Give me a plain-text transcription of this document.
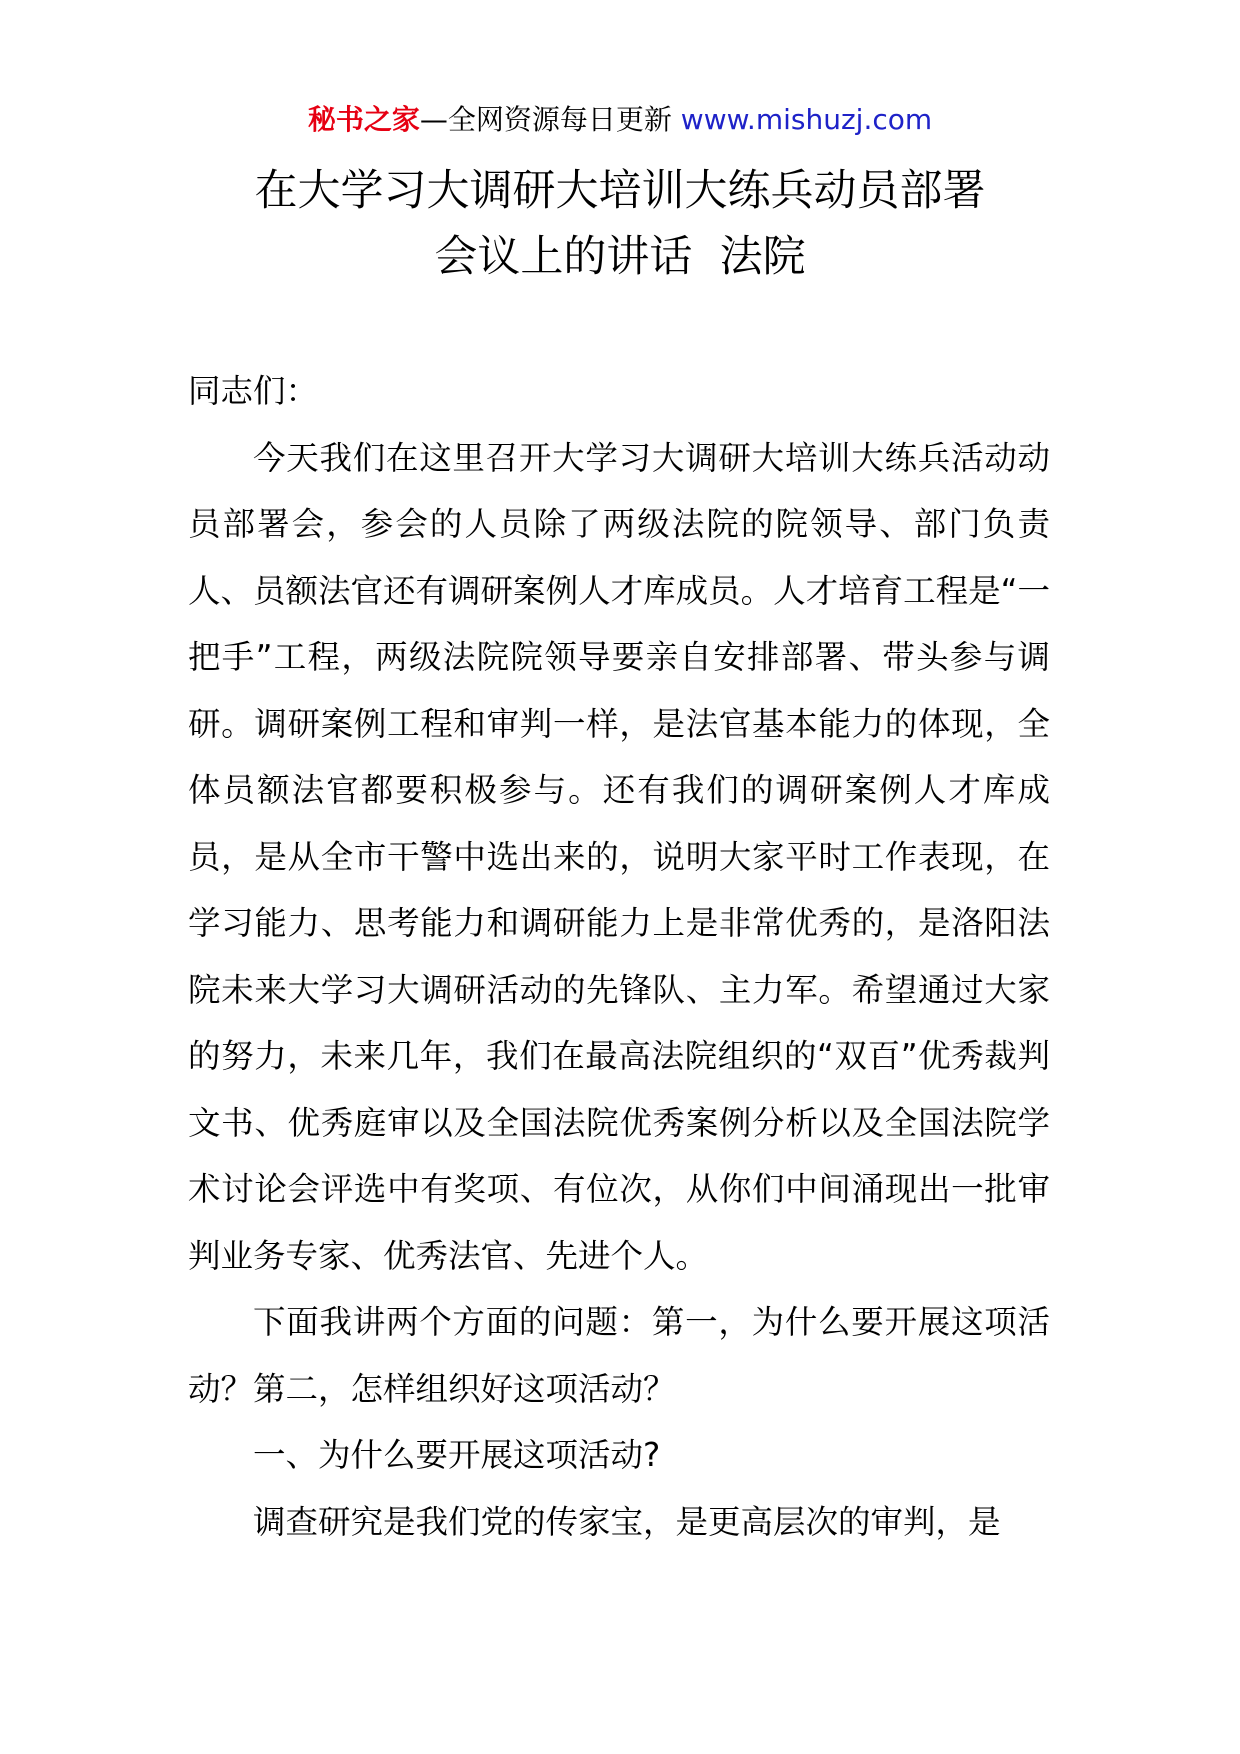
秘书之家—全网资源每日更新 www.mishuzj.com
在大学习大调研大培训大练兵动员部署
会议上的讲话  法院

同志们：

今天我们在这里召开大学习大调研大培训大练兵活动动员部署会，参会的人员除了两级法院的院领导、部门负责人、员额法官还有调研案例人才库成员。人才培育工程是“一把手”工程，两级法院院领导要亲自安排部署、带头参与调研。调研案例工程和审判一样，是法官基本能力的体现，全体员额法官都要积极参与。还有我们的调研案例人才库成员，是从全市干警中选出来的，说明大家平时工作表现，在学习能力、思考能力和调研能力上是非常优秀的，是洛阳法院未来大学习大调研活动的先锋队、主力军。希望通过大家的努力，未来几年，我们在最高法院组织的“双百”优秀裁判文书、优秀庭审以及全国法院优秀案例分析以及全国法院学术讨论会评选中有奖项、有位次，从你们中间涌现出一批审判业务专家、优秀法官、先进个人。

下面我讲两个方面的问题：第一，为什么要开展这项活动？第二，怎样组织好这项活动？

一、为什么要开展这项活动?

调查研究是我们党的传家宝，是更高层次的审判，是
